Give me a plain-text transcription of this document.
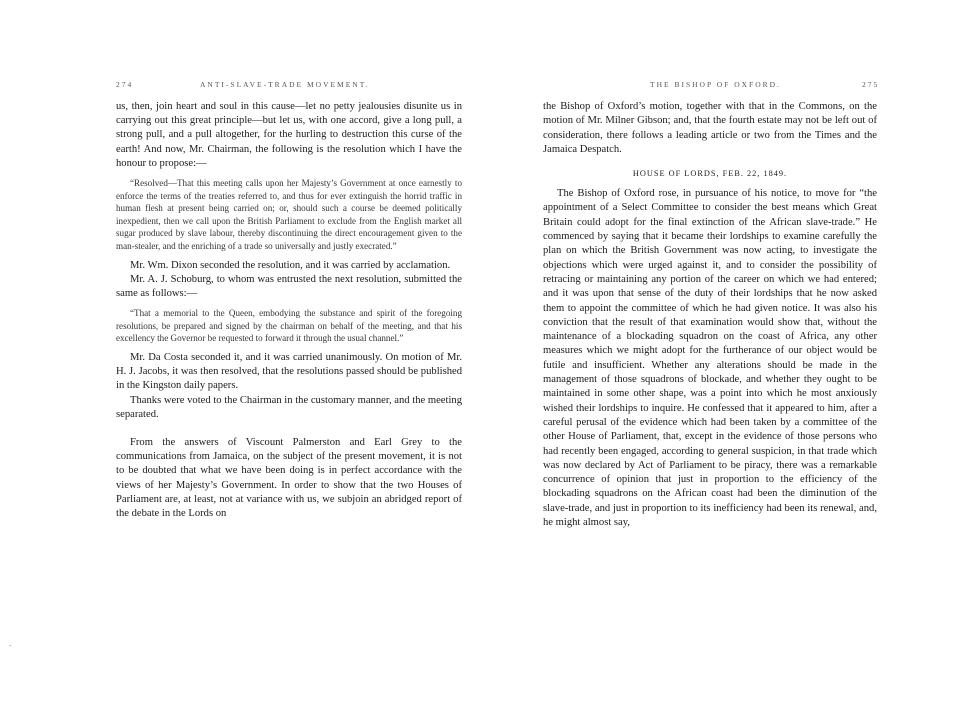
274	ANTI-SLAVE-TRADE MOVEMENT.	THE BISHOP OF OXFORD.	275

us, then, join heart and soul in this cause—let no petty jealousies disunite us in carrying out this great principle—but let us, with one accord, give a long pull, a strong pull, and a pull altogether, for the hurling to destruction this curse of the earth! And now, Mr. Chairman, the following is the resolution which I have the honour to propose:—

“Resolved—That this meeting calls upon her Majesty’s Government at once earnestly to enforce the terms of the treaties referred to, and thus for ever extinguish the horrid traffic in human flesh at present being carried on; or, should such a course be deemed politically inexpedient, then we call upon the British Parliament to exclude from the English market all sugar produced by slave labour, thereby discontinuing the direct encouragement given to the man-stealer, and the enriching of a trade so universally and justly execrated.”

Mr. Wm. Dixon seconded the resolution, and it was carried by acclamation.

Mr. A. J. Schoburg, to whom was entrusted the next resolution, submitted the same as follows:—

“That a memorial to the Queen, embodying the substance and spirit of the foregoing resolutions, be prepared and signed by the chairman on behalf of the meeting, and that his excellency the Governor be requested to forward it through the usual channel.”

Mr. Da Costa seconded it, and it was carried unanimously. On motion of Mr. H. J. Jacobs, it was then resolved, that the resolutions passed should be published in the Kingston daily papers.

Thanks were voted to the Chairman in the customary manner, and the meeting separated.

From the answers of Viscount Palmerston and Earl Grey to the communications from Jamaica, on the subject of the present movement, it is not to be doubted that what we have been doing is in perfect accordance with the views of her Majesty’s Government. In order to show that the two Houses of Parliament are, at least, not at variance with us, we subjoin an abridged report of the debate in the Lords on

the Bishop of Oxford’s motion, together with that in the Commons, on the motion of Mr. Milner Gibson; and, that the fourth estate may not be left out of consideration, there follows a leading article or two from the Times and the Jamaica Despatch.

HOUSE OF LORDS, FEB. 22, 1849.

The Bishop of Oxford rose, in pursuance of his notice, to move for “the appointment of a Select Committee to consider the best means which Great Britain could adopt for the final extinction of the African slave-trade.” He commenced by saying that it became their lordships to examine carefully the plan on which the British Government was now acting, to investigate the objections which were urged against it, and to consider the possibility of retracing or maintaining any portion of the career on which we had entered; and it was upon that sense of the duty of their lordships that he now asked them to appoint the committee of which he had given notice. It was also his conviction that the result of that examination would show that, without the maintenance of a blockading squadron on the coast of Africa, any other measures which we might adopt for the furtherance of our object would be futile and insufficient. Whether any alterations should be made in the management of those squadrons of blockade, and whether they ought to be maintained in some other shape, was a point into which he most anxiously wished their lordships to inquire. He confessed that it appeared to him, after a careful perusal of the evidence which had been taken by a committee of the other House of Parliament, that, except in the evidence of those persons who had recently been engaged, according to general suspicion, in that trade which was now declared by Act of Parliament to be piracy, there was a remarkable concurrence of opinion that just in proportion to the efficiency of the blockading squadrons on the African coast had been the diminution of the slave-trade, and just in proportion to its inefficiency had been its renewal, and, he might almost say,

.
